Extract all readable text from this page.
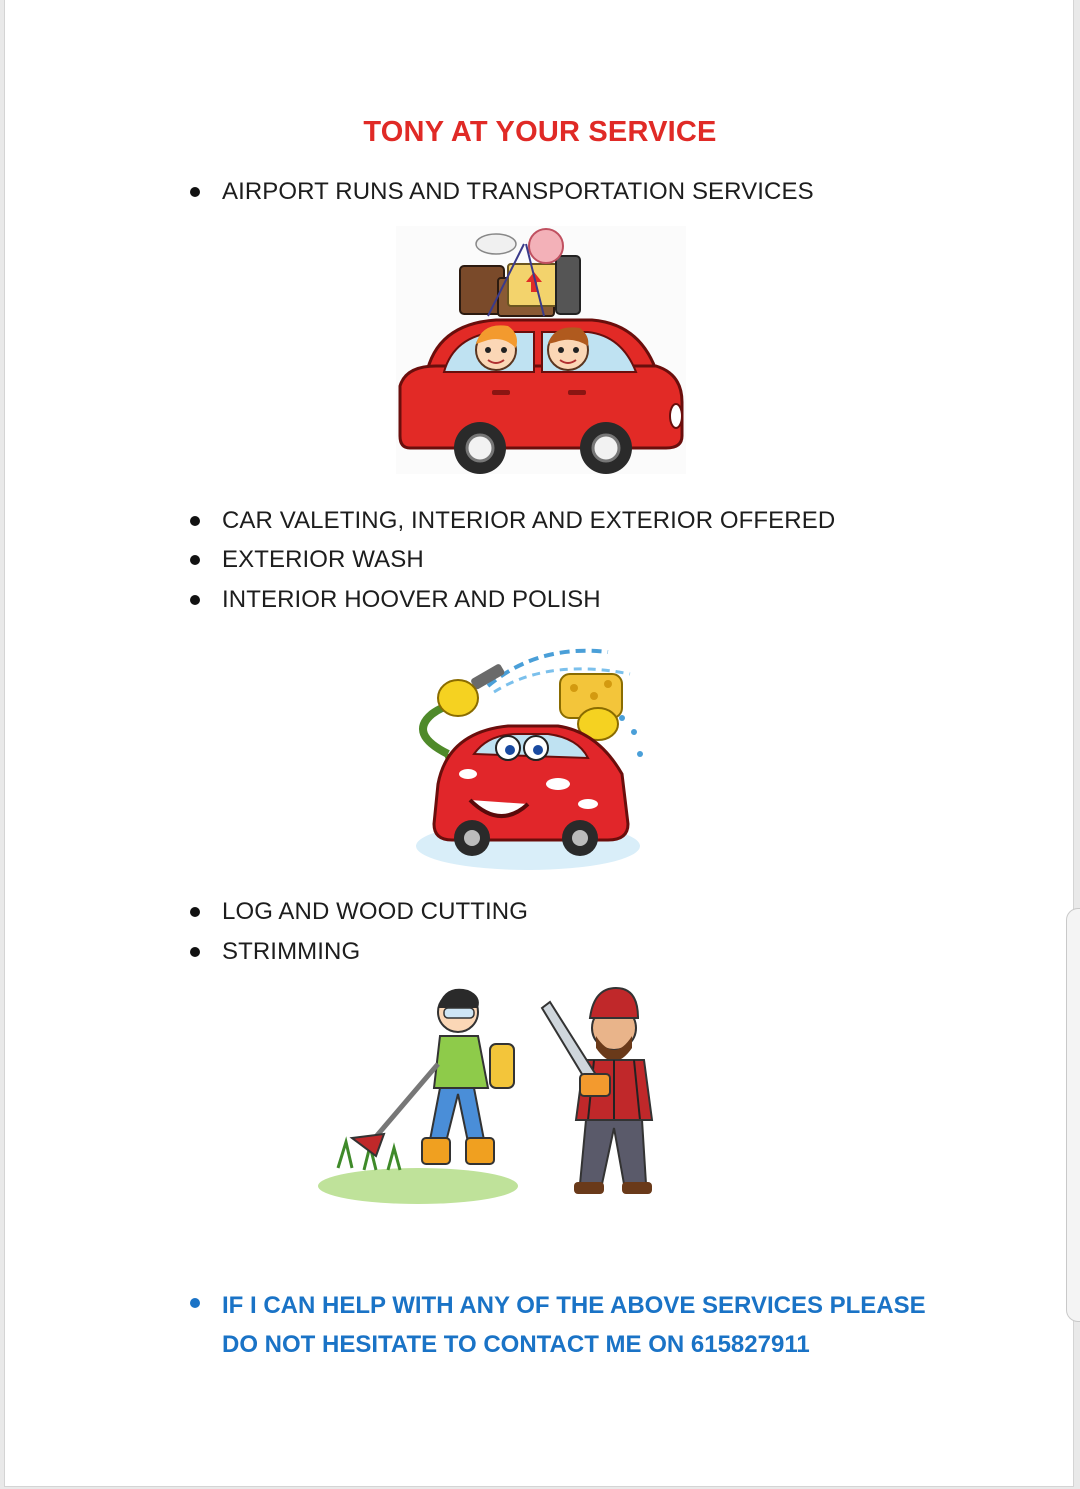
TONY AT YOUR SERVICE
AIRPORT RUNS AND TRANSPORTATION SERVICES
CAR VALETING, INTERIOR AND EXTERIOR OFFERED
EXTERIOR WASH
INTERIOR HOOVER AND POLISH
LOG AND WOOD CUTTING
STRIMMING
IF I CAN HELP WITH ANY OF THE ABOVE SERVICES PLEASE
DO NOT HESITATE TO CONTACT ME ON 615827911
